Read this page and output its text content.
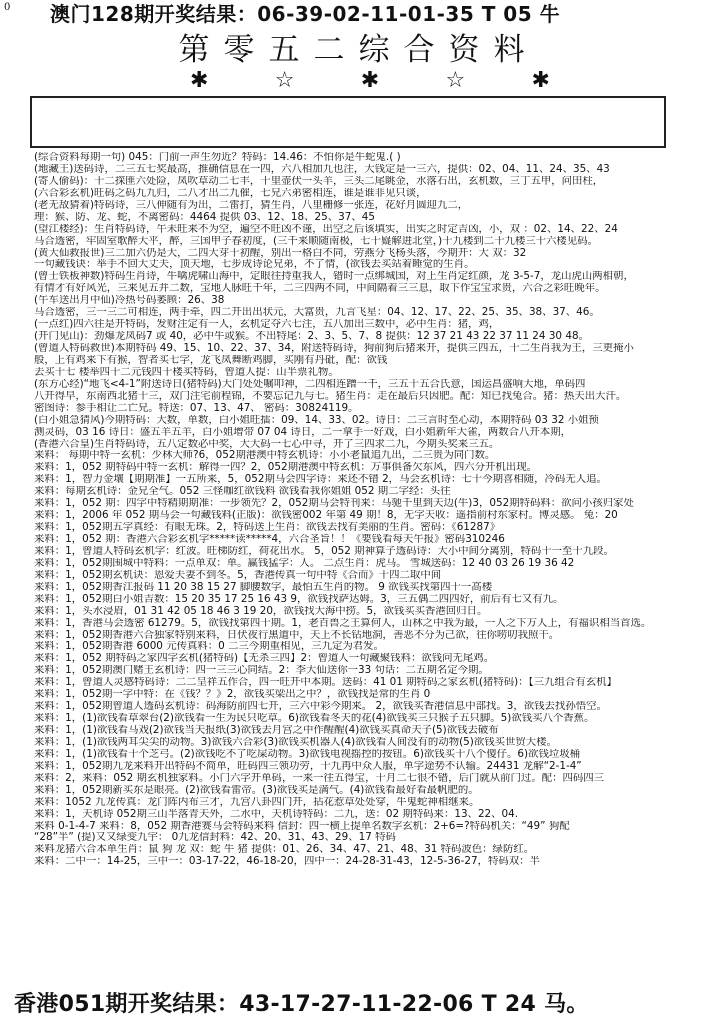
0 澳门128期开奖结果：06-39-02-11-01-35 T 05 牛
第零五二综合资料
✱	☆	✱	☆	✱
(综合资料每期一句) 045：门前一声生勿近？特码：14.46：不怕你是牛蛇鬼.( )
(地藏王)送码诗，二三五七奖最高，推确信息在一四，六八相加九也注，大钱定是一三六，提供：02、04、11、24、35、43
(寄人偷码)：十二探匪六处险，凤吹草动二七丰，十里壶伏一头羊，三头二尾眺金，水落石出，玄机数，三丁五甲，问田柱，
(六合彩玄机)旺码之码九九归，二八才出二九催，七兄六弟密相连，谁是谁非见只谈，
(老无敌猜着)特码诗，三八伸随有为出，二雷打，猜生肖，八里栅修一张连，花好月圆迎九二，
理：猴、防、龙、蛇，不离密码：4464 提供 03、12、18、25、37、45
(望江楼经)：生肖特码诗，午未旺来不为空，遍空不旺凶不谨，出空之后该填实，出实之时定吉凶，小，双 ：02、14、22、24
马合透密，牢固室歌醉大平，醉，三国甲子春初度，(三千来顺随南极，七十嶷解进北堂，)十九楼到二十九楼三十六楼见码。
(黄大仙救报世)三二加六仍是大，二四大芽十初醒，别出一格白不同，劳燕分飞杨头落，今期开：大 双：32
一句藏钱诀：举手不回大丈夫，顶天地，七步成诗论兄弟，不了情，(欲钱去买站着睡觉的生肖。
(曾士铁板神数)特码生肖诗，牛噙虎啸山海中，定眼往持重我人，错时一点绑城国，对上生肖定红颜，龙 3-5-7，龙山虎山两相朝，
有情才有好风光，三来见五并二数，宝地人脉旺千年，二三四两不同，中间隔着三三息，取下作宝宝求贵，六合之彩旺晚年。
(午车送出月中仙)冷热号码萎顾：26、38
马合透密，三一三二可相连，两手牵，四二开出出状元，大富贵，九言飞星：04、12、17、22、25、35、38、37、46。
(一点红)四六往是开特码，发财注定有一人，玄机定夺六七注，五八加出三数中，必中生肖：猪，鸡，
(开门见山)：劲爆龙凤码7 或 40，必中牛或猴。不出特尾：2、3、5、7、8 提供：12 37 21 43 22 37 11 24 30 48。
(曾道人特码救世)本期特码 49、15、10、22、37、34，附送特码诗，狗前狗后猪来开，提供三四五，十二生肖我为王，三更掩小
般，上有鸡来下有猴，智者买七字，龙飞凤舞断鸡脚，买刚有丹砒，配：欲钱
去买十七 楼举四十二元钱四十楼买特码，曾道人提：山半票礼物。
(东方心经)“地飞<4-1”附送诗日(猪特码)大门处处嘱叩神，二四相连蹭一千，三五十五合氏意，国运昌盛响大地，单码四
八开得早，东南西北猪十三，双门注宅前程锦，不要忘记九与七。猪生肖：走在最后只因肥。配：知已找兔合。猪：热天出大汗。
密图诗：参手相让二亡兄。特送：07、13、47、 密码：30824119。
(白小姐急猜风)今期特码：大数，单数，白小姐旺擂：09、14、33、02。诗日：二三言时至心动，本期特码 03 32 小姐预
测灵码，03 16 诗日：盛五羊五羊，白小姐增带 07 04 诗日，二一拿手一好戏，白小姐新年大雀，两数合八开本期，
(香港六合皇)生肖特码诗，五八定数必中奖，大大码一七心中寻，开了三四求二九，今期头奖来三五。
来料： 每期中特一玄机：少林大师?6，052期港澳中特玄机诗：小小老鼠追九出，二三贵为同门数。
来料：1，052 期特码中特一玄机：解得一四？2，052期港澳中特玄机：万事俱备欠东风，四六分开机出现。
来料：1，智力金壤【期期准】一五所来，5，052期马会四字诗：来还不错 2，马会玄机诗：七十今期喜相随，冷码无人追。
来料：每期玄机诗：金兄全气。052 三怪咖红欲钱料 欲钱看我你姐姐 052 期二字经：头往
来料：1，052 期：四字中特精期期准：一步领先？2，052期马会特刊来：马驰千里到天边(牛)3，052期特码料：欲问小孩归家处
来料：1，2006 年 052 期马会一句藏钱料(正版)：欲钱密002 年第 49 期！8，无字天收：遥指前村东家村。博灵感。 兔：20
来料：1，052期五字真经：有眼无珠。2，特码送上生肖：欲钱去找有美丽的生肖。密码：《61287》
来料：1，052 期：香港六合彩玄机字*****读*****4，六合圣旨！！《要钱看每天午报》密码310246
来料：1，曾道人特码玄机字：红波。旺梯防红，荷花出水。 5，052 期神算子透码诗：大小中间分离别，特码十一至十九段。
来料：1，052期围城中特料：一点单双：单。赢钱猛字：人。 二点生肖：虎马。 雪城送码：12 40 03 26 19 36 42
来料：1，052期玄机诀：恩爱夫妻不到冬。5，香港传真一句中特《合而》十四二取中间
来料：1，052期香江报码 11 20 38 15 27 脚腰数字，最怕五生肖的物。 9 欲钱买找第四十一高楼
来料：1，052期白小姐吉数：15 20 35 17 25 16 43 9，欲钱找萨达姆。3，三五偶二四四好，前后有七又有九。
来料：1，头水浸眉，01 31 42 05 18 46 3 19 20，欲钱找大海中捞。5，欲钱买买香港回归日。
来料：1，香港马会透密 61279。5，欲钱找第四十期。1，老百兽之王算何人，山林之中我为最，一人之下万人上，有福识相当首选。
来料：1，052期香港六合独家特别来料，日伏夜行黑道中，天上不长钻地洞，善恶不分为己欲，往你唠叨我照干。
来料：1，052期香港 6000 元传真料：0 二三今期重相见，三九定为君发。
来料：1，052 期特码之家四字玄机(猪特码)【无杀三四】2：曾道人一句藏聚钱料：欲钱问无尾鸡。
来料：1，052期澳门赌王玄机诗：四一三三心同结。2：李大仙送你一33 句话：二五期名定今期。
来料：1，曾道人灵感特码诗：二二呈祥五作合，四一旺开中本期。送码：41 01 期特码之家玄机(猪特码)：【三九组合有玄机】
来料：1，052期一字中特：在《钱？？》2，欲钱买梁出之中？，欲钱找是常的生肖 0
来料：1，052期曾道人透码玄机诗：码海防前四七开，三六中彩今期来。 2，欲钱买香港信息中部找。3，欲钱去找孙悟空。
来料：1，(1)欲钱看草翠台(2)欲钱看一生为民只吃草。6)欲钱看冬天的花(4)欲钱买三只猴子五只脚。5)欲钱买八个香蕉。
来料：1，(1)欲钱看马戏(2)欲钱当天报纸(3)欲钱去月宫之中作醒醒(4)欲钱买真命天子(5)欲钱去破布
来料：1，(1)欲钱两耳尖尖的动物。3)欲钱六合彩(3)欲钱买机器人(4)欲钱看人间没有的动物(5)欲钱买世贸大楼。
来料：1，(1)欲钱看十个芝弓。(2)欲钱吃不了吃屎动物。3)欲钱电视摇控的按钮。6)欲钱买十八个傻仔。6)欲钱垃圾桶
来料：1，052期九龙来料开出特码不简单，旺码四三领功劳，十九再中众人服，单字途势不认输。24431 龙解“2-1-4”
来料：2，来料：052 期玄机独家料。小门六字开单码，一来一往五得宝，十月二七很不错，后门就从前门过。配：四码四三
来料：1，052期新买东是眼亮。(2)欲钱看雷帝。(3)欲钱买是满气。(4)欲钱看最好看最帆肥的。
来料：1052 九龙传真：龙门阵内布三才，九宫八卦四门开，拈花惹草处处穿，牛鬼蛇神相继来。
来料：1，天机诗 052期三山半落青天外，二水中，天机诗特码：二九，送：02 期特码来：13、22、04.
来料 0-1-4-7 来料：8，052 期香港赛马会特码来料 信封：四一横上提单名数字玄机：2+6=?特码机关：“49” 狗配
“28”半” (提)又又绿变九宇： 0九龙信封料：42、20、31、43、29、17 特码
来料龙猪六合本单生肖：鼠 狗 龙 双：蛇 牛 猪 提供：01、26、34、47、21、48、31 特码波色：绿防红。
来料：二中一：14-25，三中一：03-17-22，46-18-20，四中一：24-28-31-43，12-5-36-27，特码双：半
香港051期开奖结果：43-17-27-11-22-06 T 24 马。
